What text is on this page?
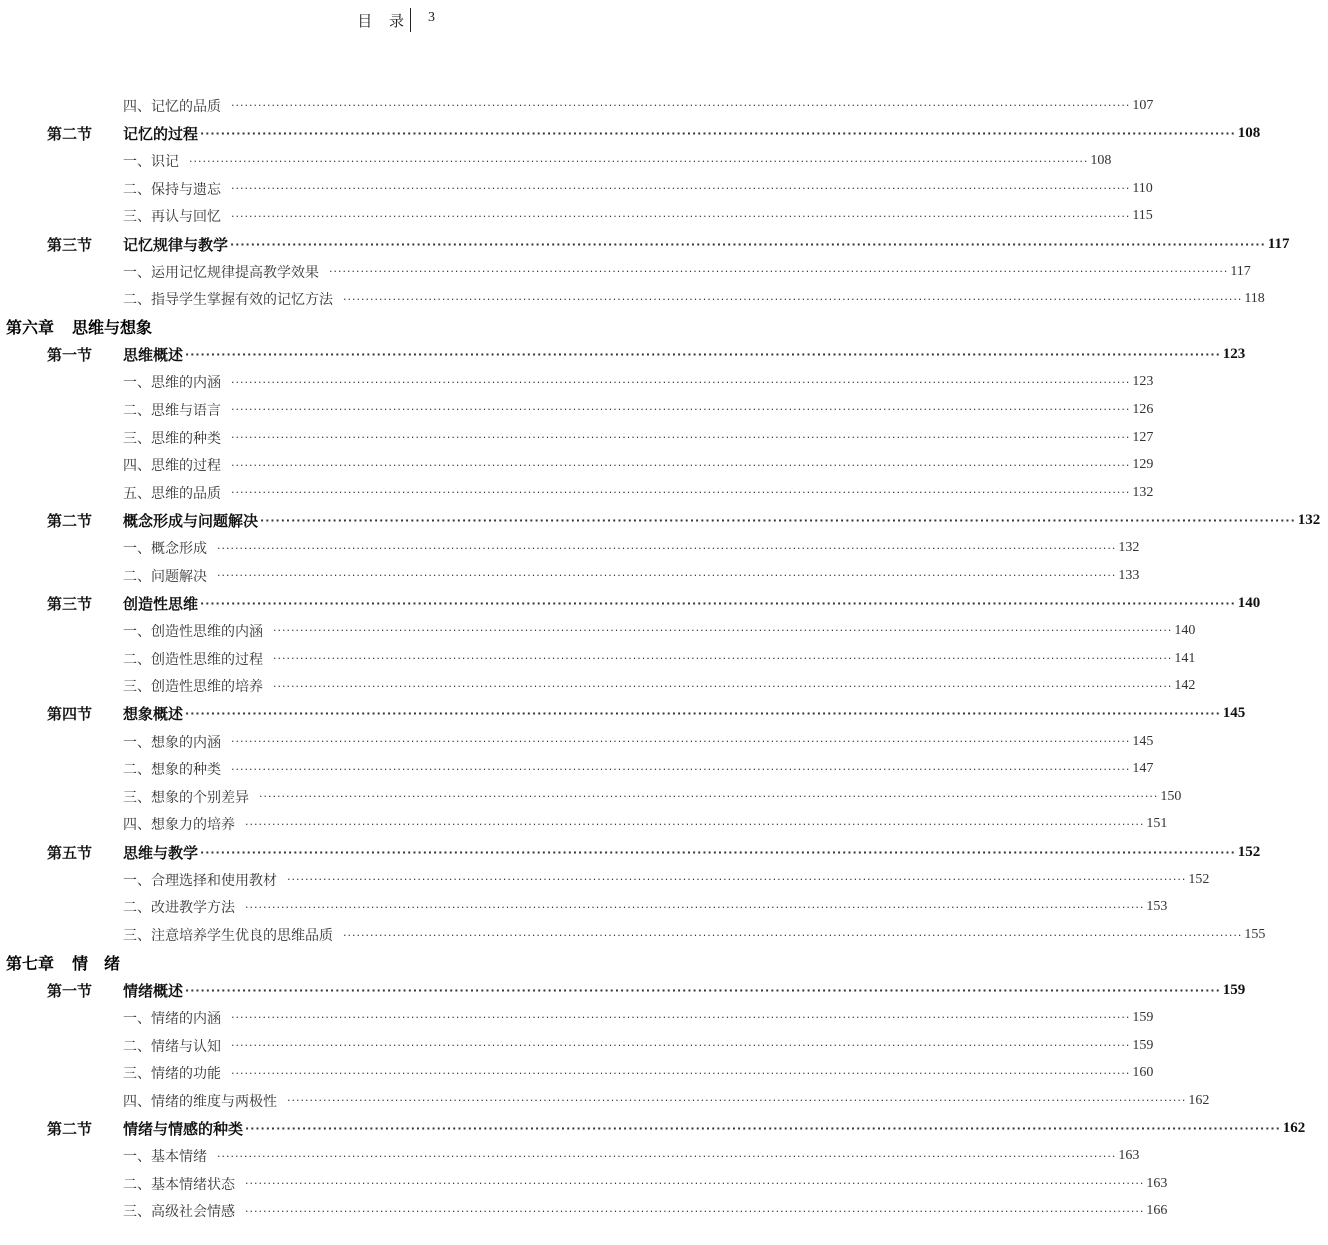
目 录 3
四、记忆的品质 ········································································································································································································ 107
第二节 记忆的过程 ········································································································································································································ 108
一、识记 ········································································································································································································ 108
二、保持与遗忘 ········································································································································································································ 110
三、再认与回忆 ········································································································································································································ 115
第三节 记忆规律与教学 ········································································································································································································ 117
一、运用记忆规律提高教学效果 ········································································································································································································ 117
二、指导学生掌握有效的记忆方法 ········································································································································································································ 118
第六章 思维与想象
第一节 思维概述 ········································································································································································································ 123
一、思维的内涵 ········································································································································································································ 123
二、思维与语言 ········································································································································································································ 126
三、思维的种类 ········································································································································································································ 127
四、思维的过程 ········································································································································································································ 129
五、思维的品质 ········································································································································································································ 132
第二节 概念形成与问题解决 ········································································································································································································ 132
一、概念形成 ········································································································································································································ 132
二、问题解决 ········································································································································································································ 133
第三节 创造性思维 ········································································································································································································ 140
一、创造性思维的内涵 ········································································································································································································ 140
二、创造性思维的过程 ········································································································································································································ 141
三、创造性思维的培养 ········································································································································································································ 142
第四节 想象概述 ········································································································································································································ 145
一、想象的内涵 ········································································································································································································ 145
二、想象的种类 ········································································································································································································ 147
三、想象的个别差异 ········································································································································································································ 150
四、想象力的培养 ········································································································································································································ 151
第五节 思维与教学 ········································································································································································································ 152
一、合理选择和使用教材 ········································································································································································································ 152
二、改进教学方法 ········································································································································································································ 153
三、注意培养学生优良的思维品质 ········································································································································································································ 155
第七章 情　绪
第一节 情绪概述 ········································································································································································································ 159
一、情绪的内涵 ········································································································································································································ 159
二、情绪与认知 ········································································································································································································ 159
三、情绪的功能 ········································································································································································································ 160
四、情绪的维度与两极性 ········································································································································································································ 162
第二节 情绪与情感的种类 ········································································································································································································ 162
一、基本情绪 ········································································································································································································ 163
二、基本情绪状态 ········································································································································································································ 163
三、高级社会情感 ········································································································································································································ 166
